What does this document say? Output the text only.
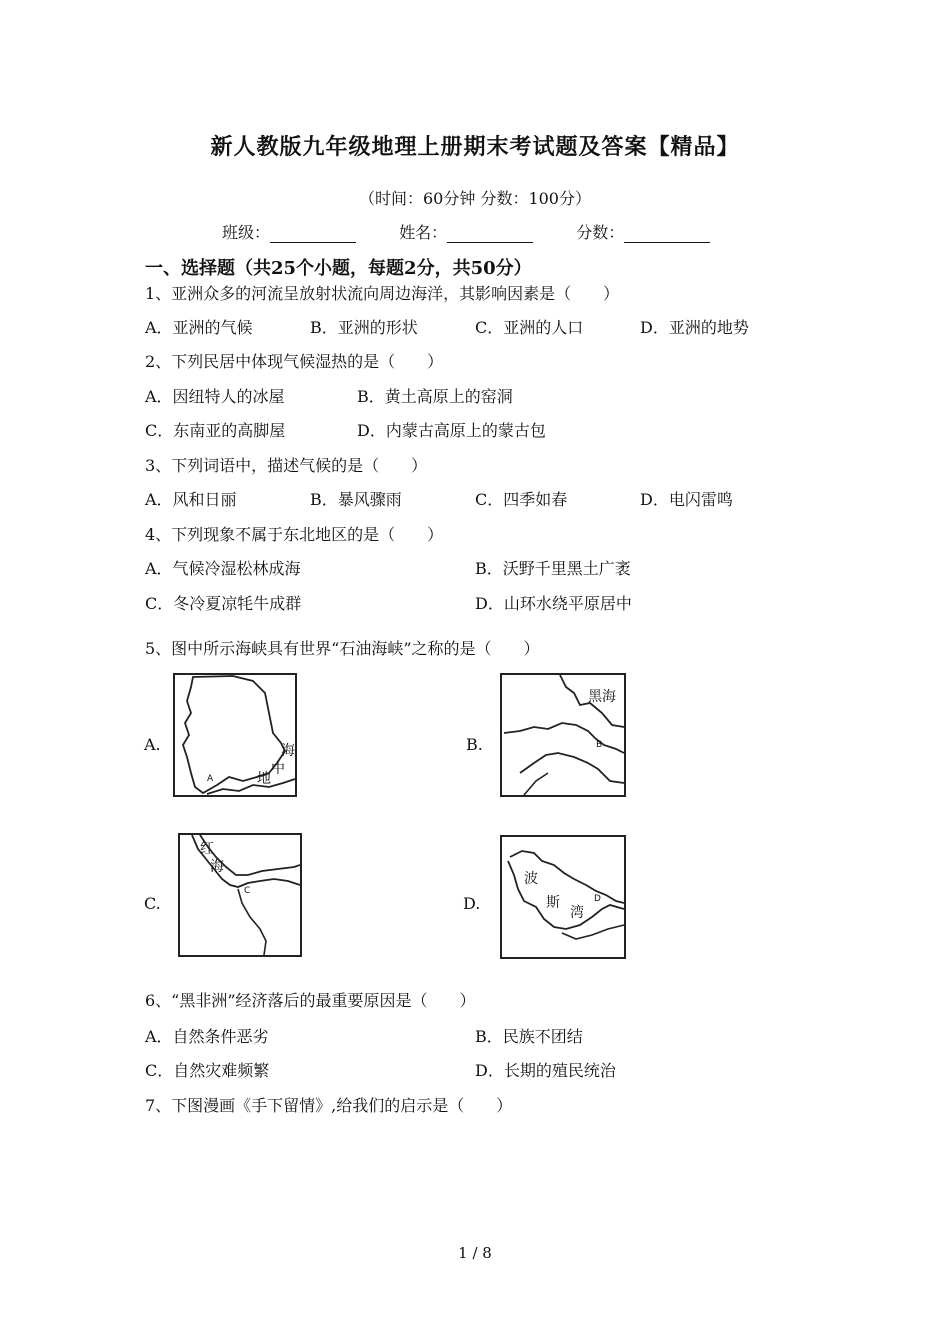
新人教版九年级地理上册期末考试题及答案【精品】
（时间：60分钟 分数：100分）
班级：	姓名：	分数：
一、选择题（共25个小题，每题2分，共50分）
1、亚洲众多的河流呈放射状流向周边海洋，其影响因素是（　　）
A．亚洲的气候	B．亚洲的形状	C．亚洲的人口	D．亚洲的地势
2、下列民居中体现气候湿热的是（　　）
A．因纽特人的冰屋	B．黄土高原上的窑洞
C．东南亚的高脚屋	D．内蒙古高原上的蒙古包
3、下列词语中，描述气候的是（　　）
A．风和日丽	B．暴风骤雨	C．四季如春	D．电闪雷鸣
4、下列现象不属于东北地区的是（　　）
A．气候冷湿松林成海	B．沃野千里黑土广袤
C．冬冷夏凉牦牛成群	D．山环水绕平原居中
5、图中所示海峡具有世界“石油海峡”之称的是（　　）
A.	海
中
地
A
B.
黑海
B
C.
红
海
C
D.
波
斯
湾
D
6、“黑非洲”经济落后的最重要原因是（　　）
A．自然条件恶劣	B．民族不团结
C．自然灾难频繁	D．长期的殖民统治
7、下图漫画《手下留情》,给我们的启示是（　　）
1 / 8
